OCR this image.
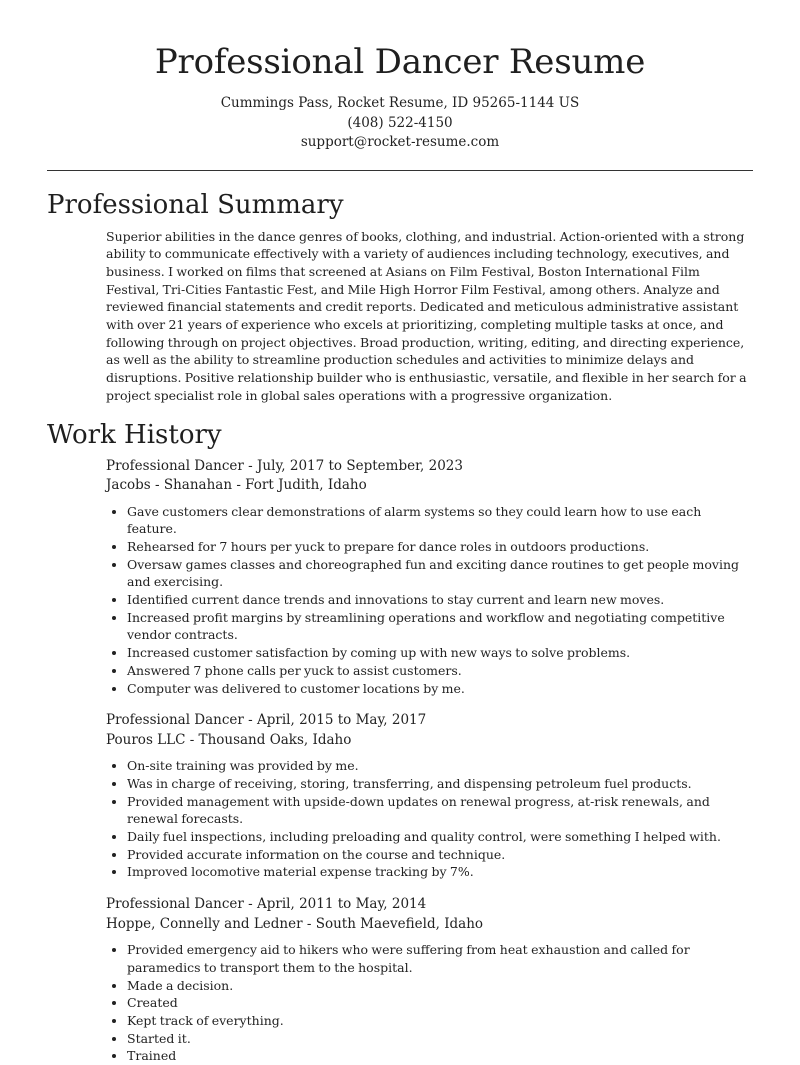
Professional Dancer Resume
Cummings Pass, Rocket Resume, ID 95265-1144 US
(408) 522-4150
support@rocket-resume.com
Professional Summary

Superior abilities in the dance genres of books, clothing, and industrial. Action-oriented with a strong ability to communicate effectively with a variety of audiences including technology, executives, and business. I worked on films that screened at Asians on Film Festival, Boston International Film Festival, Tri-Cities Fantastic Fest, and Mile High Horror Film Festival, among others. Analyze and reviewed financial statements and credit reports. Dedicated and meticulous administrative assistant with over 21 years of experience who excels at prioritizing, completing multiple tasks at once, and following through on project objectives. Broad production, writing, editing, and directing experience, as well as the ability to streamline production schedules and activities to minimize delays and disruptions. Positive relationship builder who is enthusiastic, versatile, and flexible in her search for a project specialist role in global sales operations with a progressive organization.

Work History
Professional Dancer - July, 2017 to September, 2023
Jacobs - Shanahan - Fort Judith, Idaho
• Gave customers clear demonstrations of alarm systems so they could learn how to use each feature.
• Rehearsed for 7 hours per yuck to prepare for dance roles in outdoors productions.
• Oversaw games classes and choreographed fun and exciting dance routines to get people moving and exercising.
• Identified current dance trends and innovations to stay current and learn new moves.
• Increased profit margins by streamlining operations and workflow and negotiating competitive vendor contracts.
• Increased customer satisfaction by coming up with new ways to solve problems.
• Answered 7 phone calls per yuck to assist customers.
• Computer was delivered to customer locations by me.
Professional Dancer - April, 2015 to May, 2017
Pouros LLC - Thousand Oaks, Idaho
• On-site training was provided by me.
• Was in charge of receiving, storing, transferring, and dispensing petroleum fuel products.
• Provided management with upside-down updates on renewal progress, at-risk renewals, and renewal forecasts.
• Daily fuel inspections, including preloading and quality control, were something I helped with.
• Provided accurate information on the course and technique.
• Improved locomotive material expense tracking by 7%.
Professional Dancer - April, 2011 to May, 2014
Hoppe, Connelly and Ledner - South Maevefield, Idaho
• Provided emergency aid to hikers who were suffering from heat exhaustion and called for paramedics to transport them to the hospital.
• Made a decision.
• Created
• Kept track of everything.
• Started it.
• Trained
